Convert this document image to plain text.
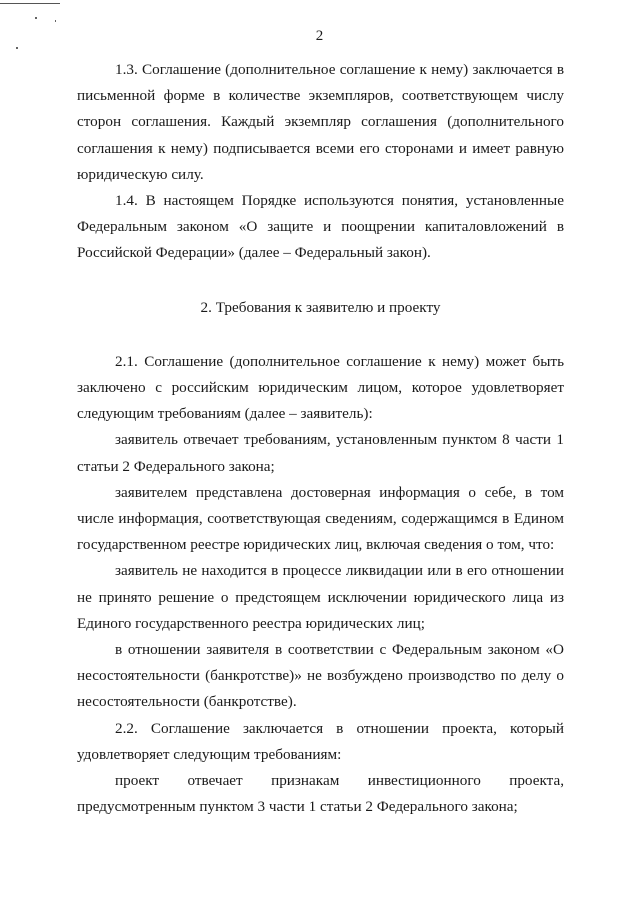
2

1.3. Соглашение (дополнительное соглашение к нему) заключается в письменной форме в количестве экземпляров, соответствующем числу сторон соглашения. Каждый экземпляр соглашения (дополнительного соглашения к нему) подписывается всеми его сторонами и имеет равную юридическую силу.

1.4. В настоящем Порядке используются понятия, установленные Федеральным законом «О защите и поощрении капиталовложений в Российской Федерации» (далее – Федеральный закон).

2. Требования к заявителю и проекту

2.1. Соглашение (дополнительное соглашение к нему) может быть заключено с российским юридическим лицом, которое удовлетворяет следующим требованиям (далее – заявитель):

заявитель отвечает требованиям, установленным пунктом 8 части 1 статьи 2 Федерального закона;

заявителем представлена достоверная информация о себе, в том числе информация, соответствующая сведениям, содержащимся в Едином государственном реестре юридических лиц, включая сведения о том, что:

заявитель не находится в процессе ликвидации или в его отношении не принято решение о предстоящем исключении юридического лица из Единого государственного реестра юридических лиц;

в отношении заявителя в соответствии с Федеральным законом «О несостоятельности (банкротстве)» не возбуждено производство по делу о несостоятельности (банкротстве).

2.2. Соглашение заключается в отношении проекта, который удовлетворяет следующим требованиям:

проект отвечает признакам инвестиционного проекта, предусмотренным пунктом 3 части 1 статьи 2 Федерального закона;
